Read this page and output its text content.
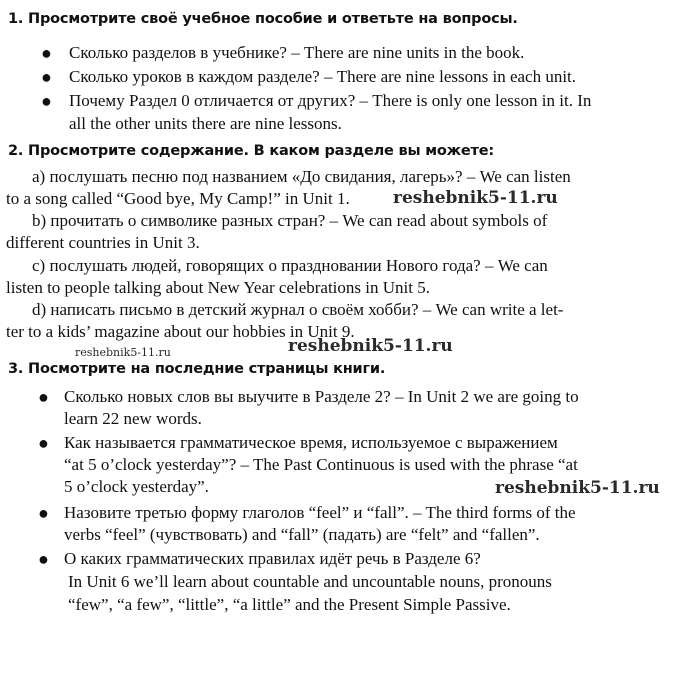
1. Просмотрите своё учебное пособие и ответьте на вопросы.
● Сколько разделов в учебнике? – There are nine units in the book.
● Сколько уроков в каждом разделе? – There are nine lessons in each unit.
● Почему Раздел 0 отличается от других? – There is only one lesson in it. In
all the other units there are nine lessons.
2. Просмотрите содержание. В каком разделе вы можете:
а) послушать песню под названием «До свидания, лагерь»? – We can listen
to a song called “Good bye, My Camp!” in Unit 1.
b) прочитать о символике разных стран? – We can read about symbols of
different countries in Unit 3.
c) послушать людей, говорящих о праздновании Нового года? – We can
listen to people talking about New Year celebrations in Unit 5.
d) написать письмо в детский журнал о своём хобби? – We can write a let-
ter to a kids’ magazine about our hobbies in Unit 9.
reshebnik5-11.ru
reshebnik5-11.ru	reshebnik5-11.ru
3. Посмотрите на последние страницы книги.
● Сколько новых слов вы выучите в Разделе 2? – In Unit 2 we are going to
learn 22 new words.
● Как называется грамматическое время, используемое с выражением
“at 5 o’clock yesterday”? – The Past Continuous is used with the phrase “at
5 o’clock yesterday”.
● Назовите третью форму глаголов “feel” и “fall”. – The third forms of the
verbs “feel” (чувствовать) and “fall” (падать) are “felt” and “fallen”.
● О каких грамматических правилах идёт речь в Разделе 6?
In Unit 6 we’ll learn about countable and uncountable nouns, pronouns
“few”, “a few”, “little”, “a little” and the Present Simple Passive.
reshebnik5-11.ru
